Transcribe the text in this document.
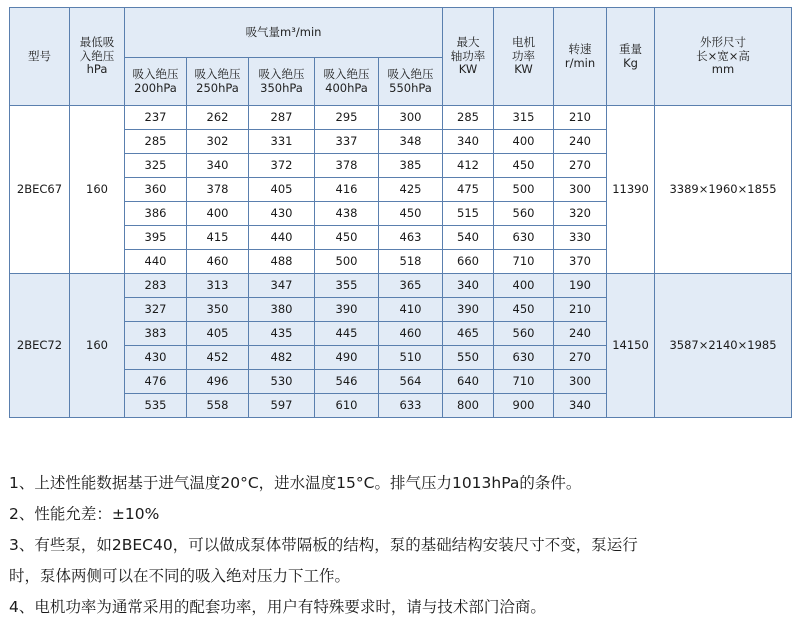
型号	最低吸
入绝压
hPa	吸气量m³/min					最大
轴功率
KW	电机
功率
KW	转速
r/min	重量
Kg	外形尺寸
长×宽×高
mm

		吸入绝压
200hPa	吸入绝压
250hPa	吸入绝压
350hPa	吸入绝压
400hPa	吸入绝压
550hPa					

2BEC67	160	237	262	287	295	300	285	315	210	11390	3389×1960×1855
		285	302	331	337	348	340	400	240		
		325	340	372	378	385	412	450	270		
		360	378	405	416	425	475	500	300		
		386	400	430	438	450	515	560	320		
		395	415	440	450	463	540	630	330		
		440	460	488	500	518	660	710	370		
2BEC72	160	283	313	347	355	365	340	400	190	14150	3587×2140×1985
		327	350	380	390	410	390	450	210		
		383	405	435	445	460	465	560	240		
		430	452	482	490	510	550	630	270		
		476	496	530	546	564	640	710	300		
		535	558	597	610	633	800	900	340		
1、上述性能数据基于进气温度20°C，进水温度15°C。排气压力1013hPa的条件。
2、性能允差：±10%
3、有些泵，如2BEC40，可以做成泵体带隔板的结构，泵的基础结构安装尺寸不变，泵运行
时，泵体两侧可以在不同的吸入绝对压力下工作。
4、电机功率为通常采用的配套功率，用户有特殊要求时，请与技术部门洽商。
